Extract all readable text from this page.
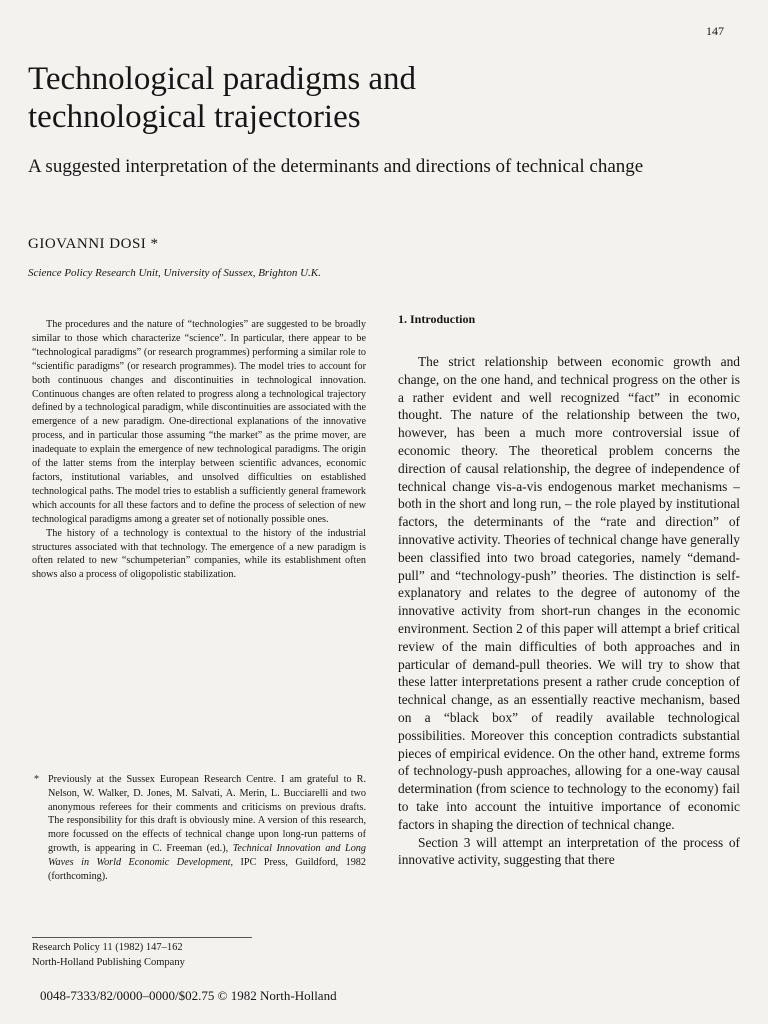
147
Technological paradigms and
technological trajectories
A suggested interpretation of the determinants and directions of technical change
GIOVANNI DOSI *
Science Policy Research Unit, University of Sussex, Brighton U.K.

The procedures and the nature of “technologies” are suggested to be broadly similar to those which characterize “science”. In particular, there appear to be “technological paradigms” (or research programmes) performing a similar role to “scientific paradigms” (or research programmes). The model tries to account for both continuous changes and discontinuities in technological innovation. Continuous changes are often related to progress along a technological trajectory defined by a technological paradigm, while discontinuities are associated with the emergence of a new paradigm. One-directional explanations of the innovative process, and in particular those assuming “the market” as the prime mover, are inadequate to explain the emergence of new technological paradigms. The origin of the latter stems from the interplay between scientific advances, economic factors, institutional variables, and unsolved difficulties on established technological paths. The model tries to establish a sufficiently general framework which accounts for all these factors and to define the process of selection of new technological paradigms among a greater set of notionally possible ones.

The history of a technology is contextual to the history of the industrial structures associated with that technology. The emergence of a new paradigm is often related to new “schumpeterian” companies, while its establishment often shows also a process of oligopolistic stabilization.

* Previously at the Sussex European Research Centre. I am grateful to R. Nelson, W. Walker, D. Jones, M. Salvati, A. Merin, L. Bucciarelli and two anonymous referees for their comments and criticisms on previous drafts. The responsibility for this draft is obviously mine. A version of this research, more focussed on the effects of technical change upon long-run patterns of growth, is appearing in C. Freeman (ed.), Technical Innovation and Long Waves in World Economic Development, IPC Press, Guildford, 1982 (forthcoming).
Research Policy 11 (1982) 147–162
North-Holland Publishing Company
0048-7333/82/0000–0000/$02.75 © 1982 North-Holland
1. Introduction

The strict relationship between economic growth and change, on the one hand, and technical progress on the other is a rather evident and well recognized “fact” in economic thought. The nature of the relationship between the two, however, has been a much more controversial issue of economic theory. The theoretical problem concerns the direction of causal relationship, the degree of independence of technical change vis-a-vis endogenous market mechanisms – both in the short and long run, – the role played by institutional factors, the determinants of the “rate and direction” of innovative activity. Theories of technical change have generally been classified into two broad categories, namely “demand-pull” and “technology-push” theories. The distinction is self-explanatory and relates to the degree of autonomy of the innovative activity from short-run changes in the economic environment. Section 2 of this paper will attempt a brief critical review of the main difficulties of both approaches and in particular of demand-pull theories. We will try to show that these latter interpretations present a rather crude conception of technical change, as an essentially reactive mechanism, based on a “black box” of readily available technological possibilities. Moreover this conception contradicts substantial pieces of empirical evidence. On the other hand, extreme forms of technology-push approaches, allowing for a one-way causal determination (from science to technology to the economy) fail to take into account the intuitive importance of economic factors in shaping the direction of technical change.

Section 3 will attempt an interpretation of the process of innovative activity, suggesting that there
